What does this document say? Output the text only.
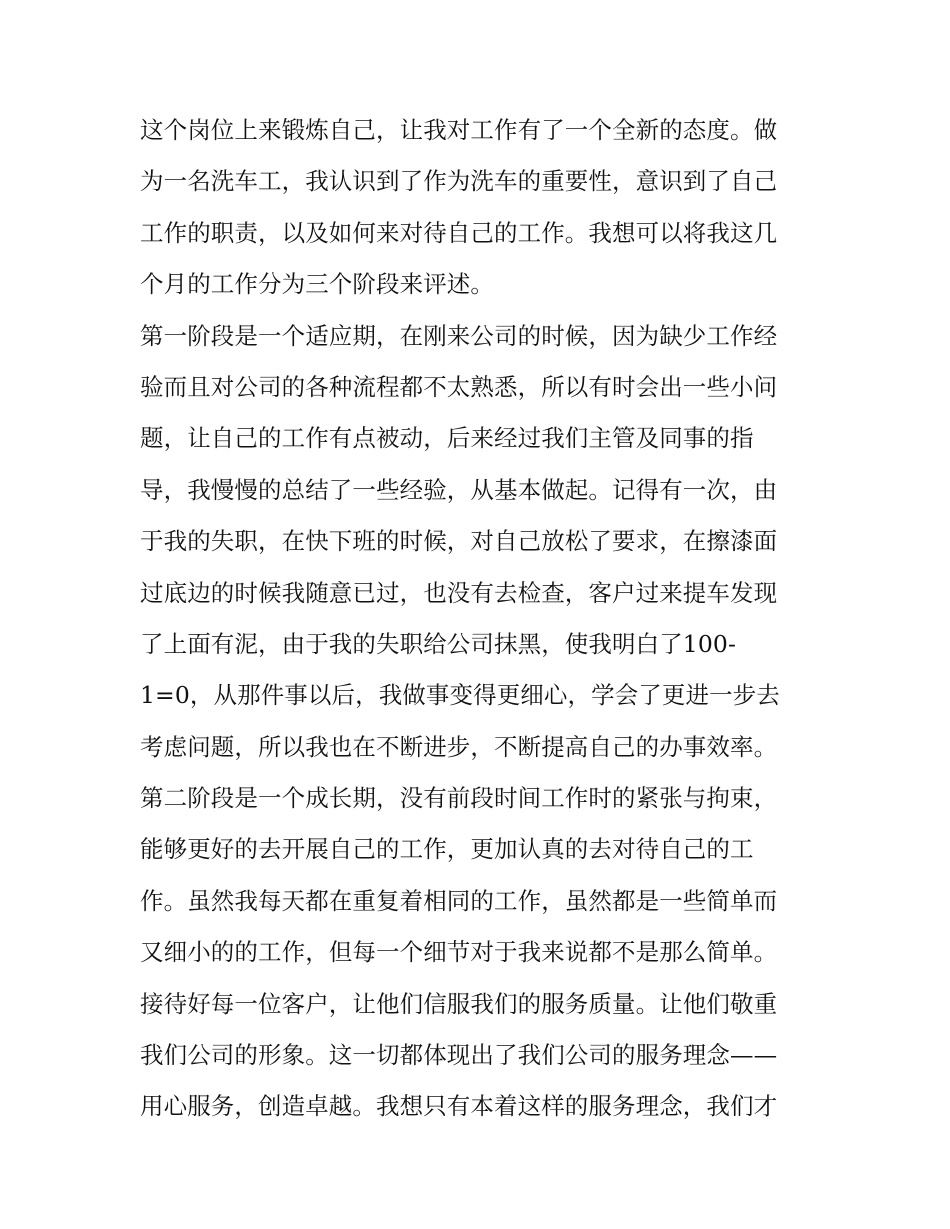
这个岗位上来锻炼自己，让我对工作有了一个全新的态度。做
为一名洗车工，我认识到了作为洗车的重要性，意识到了自己
工作的职责，以及如何来对待自己的工作。我想可以将我这几
个月的工作分为三个阶段来评述。
第一阶段是一个适应期，在刚来公司的时候，因为缺少工作经
验而且对公司的各种流程都不太熟悉，所以有时会出一些小问
题，让自己的工作有点被动，后来经过我们主管及同事的指
导，我慢慢的总结了一些经验，从基本做起。记得有一次，由
于我的失职，在快下班的时候，对自己放松了要求，在擦漆面
过底边的时候我随意已过，也没有去检查，客户过来提车发现
了上面有泥，由于我的失职给公司抹黑，使我明白了100-
1=0，从那件事以后，我做事变得更细心，学会了更进一步去
考虑问题，所以我也在不断进步，不断提高自己的办事效率。
第二阶段是一个成长期，没有前段时间工作时的紧张与拘束，
能够更好的去开展自己的工作，更加认真的去对待自己的工
作。虽然我每天都在重复着相同的工作，虽然都是一些简单而
又细小的的工作，但每一个细节对于我来说都不是那么简单。
接待好每一位客户，让他们信服我们的服务质量。让他们敬重
我们公司的形象。这一切都体现出了我们公司的服务理念——
用心服务，创造卓越。我想只有本着这样的服务理念，我们才
